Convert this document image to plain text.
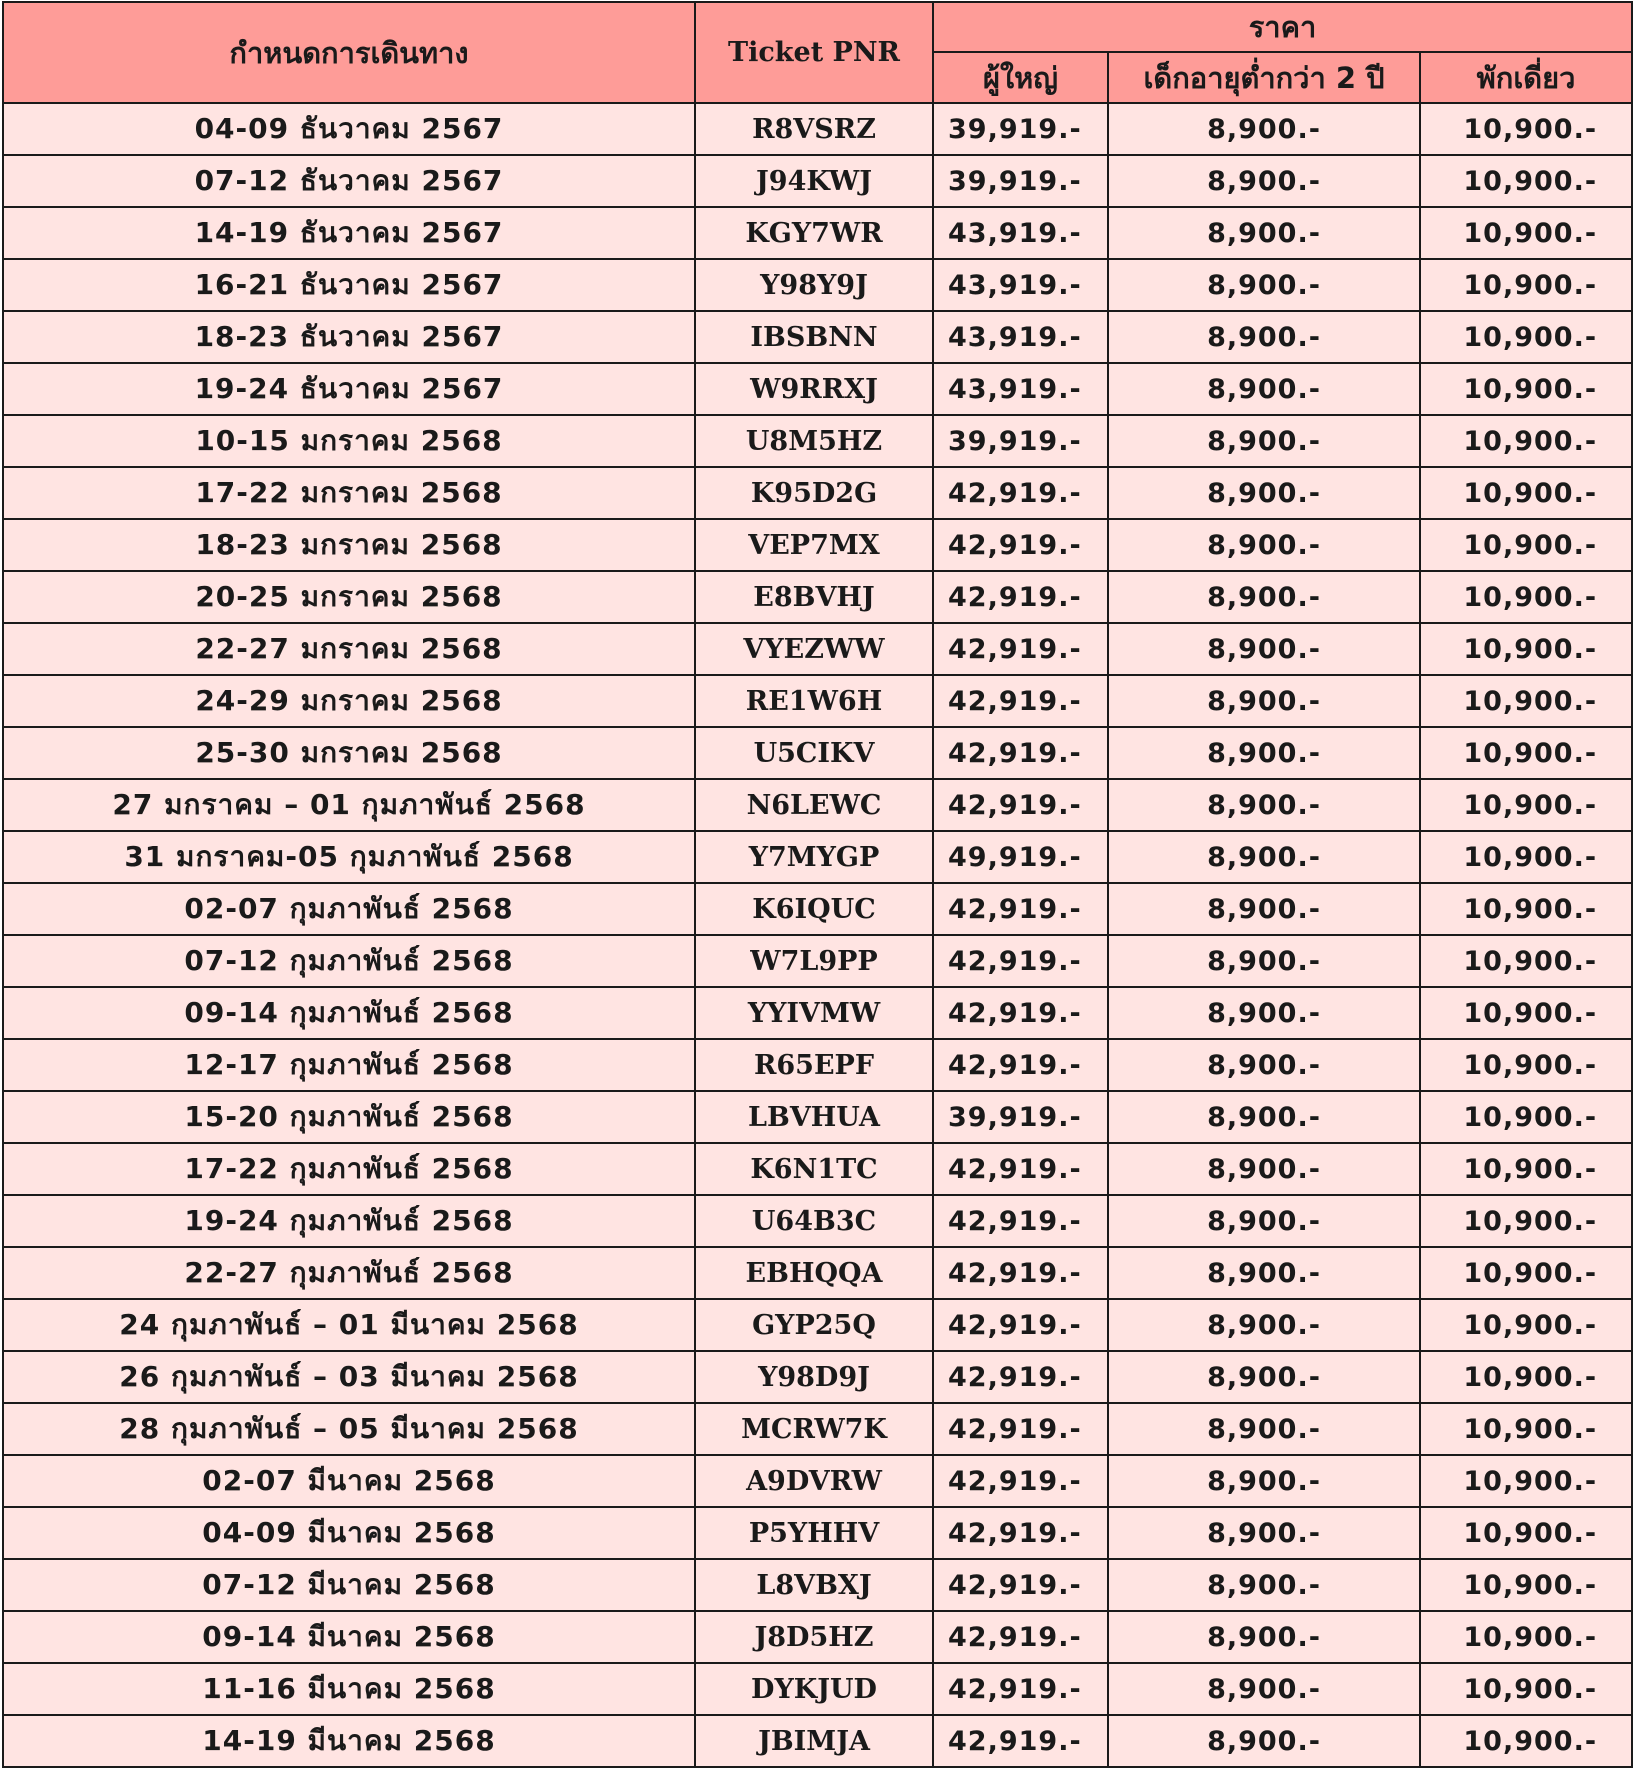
กำหนดการเดินทาง	Ticket PNR	ราคา		
		ผู้ใหญ่	เด็กอายุต่ำกว่า 2 ปี	พักเดี่ยว
04-09 ธันวาคม 2567	R8VSRZ	39,919.-	8,900.-	10,900.-
07-12 ธันวาคม 2567	J94KWJ	39,919.-	8,900.-	10,900.-
14-19 ธันวาคม 2567	KGY7WR	43,919.-	8,900.-	10,900.-
16-21 ธันวาคม 2567	Y98Y9J	43,919.-	8,900.-	10,900.-
18-23 ธันวาคม 2567	IBSBNN	43,919.-	8,900.-	10,900.-
19-24 ธันวาคม 2567	W9RRXJ	43,919.-	8,900.-	10,900.-
10-15 มกราคม 2568	U8M5HZ	39,919.-	8,900.-	10,900.-
17-22 มกราคม 2568	K95D2G	42,919.-	8,900.-	10,900.-
18-23 มกราคม 2568	VEP7MX	42,919.-	8,900.-	10,900.-
20-25 มกราคม 2568	E8BVHJ	42,919.-	8,900.-	10,900.-
22-27 มกราคม 2568	VYEZWW	42,919.-	8,900.-	10,900.-
24-29 มกราคม 2568	RE1W6H	42,919.-	8,900.-	10,900.-
25-30 มกราคม 2568	U5CIKV	42,919.-	8,900.-	10,900.-
27 มกราคม – 01 กุมภาพันธ์ 2568	N6LEWC	42,919.-	8,900.-	10,900.-
31 มกราคม-05 กุมภาพันธ์ 2568	Y7MYGP	49,919.-	8,900.-	10,900.-
02-07 กุมภาพันธ์ 2568	K6IQUC	42,919.-	8,900.-	10,900.-
07-12 กุมภาพันธ์ 2568	W7L9PP	42,919.-	8,900.-	10,900.-
09-14 กุมภาพันธ์ 2568	YYIVMW	42,919.-	8,900.-	10,900.-
12-17 กุมภาพันธ์ 2568	R65EPF	42,919.-	8,900.-	10,900.-
15-20 กุมภาพันธ์ 2568	LBVHUA	39,919.-	8,900.-	10,900.-
17-22 กุมภาพันธ์ 2568	K6N1TC	42,919.-	8,900.-	10,900.-
19-24 กุมภาพันธ์ 2568	U64B3C	42,919.-	8,900.-	10,900.-
22-27 กุมภาพันธ์ 2568	EBHQQA	42,919.-	8,900.-	10,900.-
24 กุมภาพันธ์ – 01 มีนาคม 2568	GYP25Q	42,919.-	8,900.-	10,900.-
26 กุมภาพันธ์ – 03 มีนาคม 2568	Y98D9J	42,919.-	8,900.-	10,900.-
28 กุมภาพันธ์ – 05 มีนาคม 2568	MCRW7K	42,919.-	8,900.-	10,900.-
02-07 มีนาคม 2568	A9DVRW	42,919.-	8,900.-	10,900.-
04-09 มีนาคม 2568	P5YHHV	42,919.-	8,900.-	10,900.-
07-12 มีนาคม 2568	L8VBXJ	42,919.-	8,900.-	10,900.-
09-14 มีนาคม 2568	J8D5HZ	42,919.-	8,900.-	10,900.-
11-16 มีนาคม 2568	DYKJUD	42,919.-	8,900.-	10,900.-
14-19 มีนาคม 2568	JBIMJA	42,919.-	8,900.-	10,900.-
